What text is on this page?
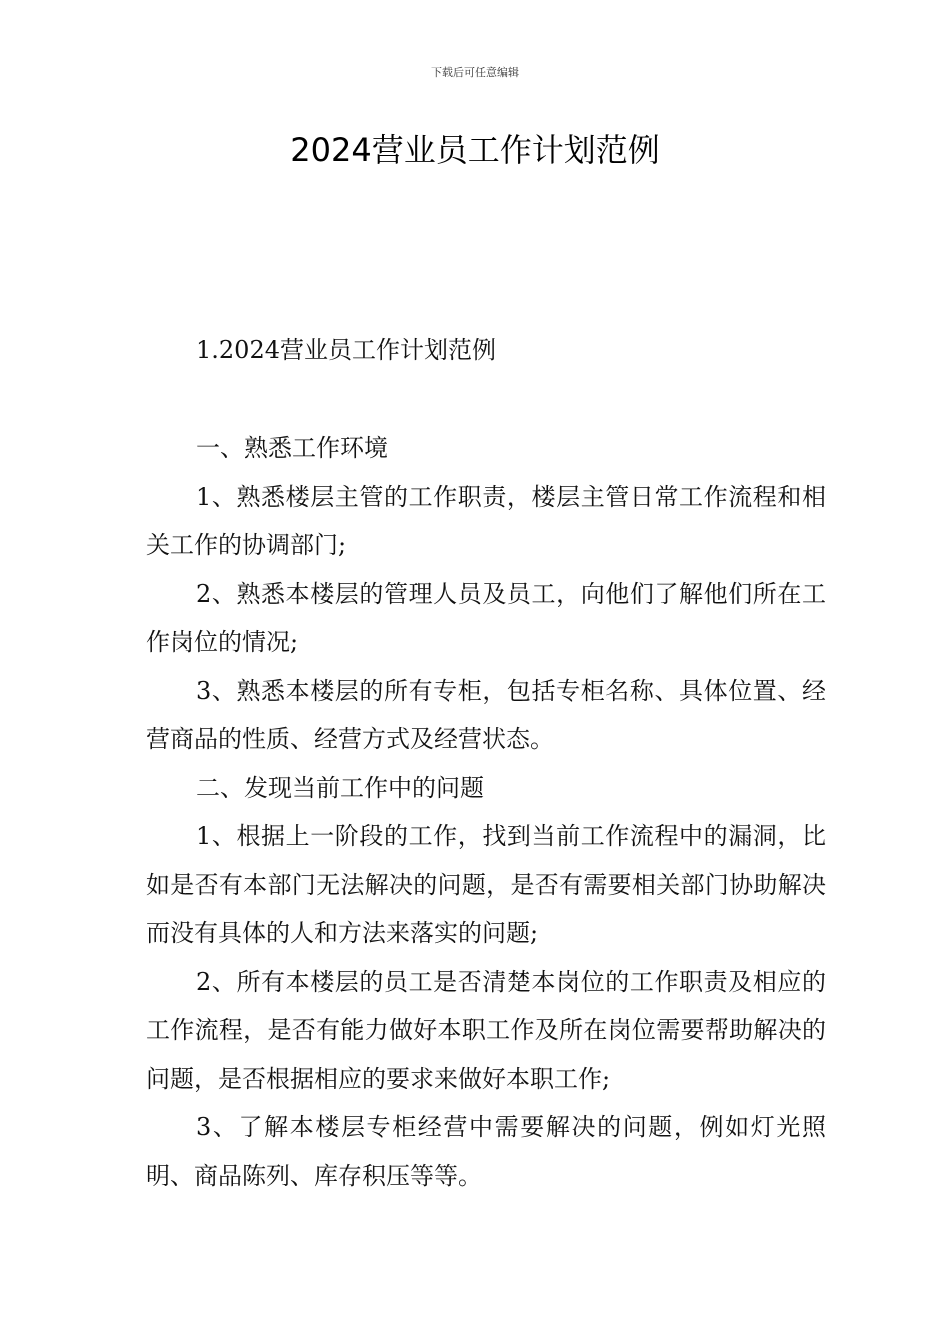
下载后可任意编辑
2024营业员工作计划范例
1.2024营业员工作计划范例

一、熟悉工作环境

1、熟悉楼层主管的工作职责，楼层主管日常工作流程和相关工作的协调部门;

2、熟悉本楼层的管理人员及员工，向他们了解他们所在工作岗位的情况;

3、熟悉本楼层的所有专柜，包括专柜名称、具体位置、经营商品的性质、经营方式及经营状态。

二、发现当前工作中的问题

1、根据上一阶段的工作，找到当前工作流程中的漏洞，比如是否有本部门无法解决的问题，是否有需要相关部门协助解决而没有具体的人和方法来落实的问题;

2、所有本楼层的员工是否清楚本岗位的工作职责及相应的工作流程，是否有能力做好本职工作及所在岗位需要帮助解决的问题，是否根据相应的要求来做好本职工作;

3、了解本楼层专柜经营中需要解决的问题，例如灯光照明、商品陈列、库存积压等等。
